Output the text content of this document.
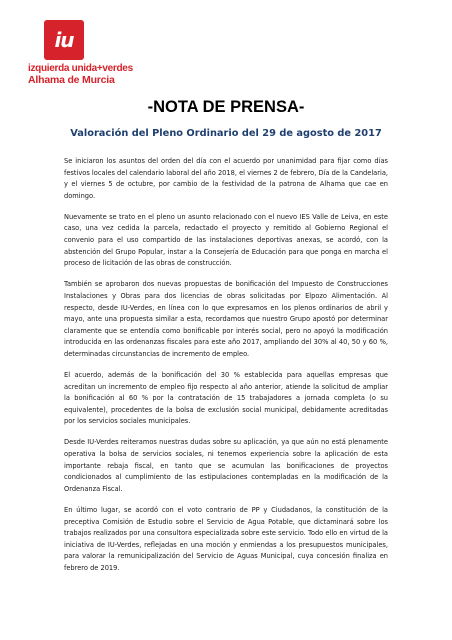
iu
izquierda unida+verdes
Alhama de Murcia
-NOTA DE PRENSA-
Valoración del Pleno Ordinario del 29 de agosto de 2017

Se iniciaron los asuntos del orden del día con el acuerdo por unanimidad para fijar como días festivos locales del calendario laboral del año 2018, el viernes 2 de febrero, Día de la Candelaria, y el viernes 5 de octubre, por cambio de la festividad de la patrona de Alhama que cae en domingo.

Nuevamente se trato en el pleno un asunto relacionado con el nuevo IES Valle de Leiva, en este caso, una vez cedida la parcela, redactado el proyecto y remitido al Gobierno Regional el convenio para el uso compartido de las instalaciones deportivas anexas, se acordó, con la abstención del Grupo Popular, instar a la Consejería de Educación para que ponga en marcha el proceso de licitación de las obras de construcción.

También se aprobaron dos nuevas propuestas de bonificación del Impuesto de Construcciones Instalaciones y Obras para dos licencias de obras solicitadas por Elpozo Alimentación. Al respecto, desde IU-Verdes, en línea con lo que expresamos en los plenos ordinarios de abril y mayo, ante una propuesta similar a esta, recordamos que nuestro Grupo apostó por determinar claramente que se entendía como bonificable por interés social, pero no apoyó la modificación introducida en las ordenanzas fiscales para este año 2017, ampliando del 30% al 40, 50 y 60 %, determinadas circunstancias de incremento de empleo.

El acuerdo, además de la bonificación del 30 % establecida para aquellas empresas que acreditan un incremento de empleo fijo respecto al año anterior, atiende la solicitud de ampliar la bonificación al 60 % por la contratación de 15 trabajadores a jornada completa (o su equivalente), procedentes de la bolsa de exclusión social municipal, debidamente acreditadas por los servicios sociales municipales.

Desde IU-Verdes reiteramos nuestras dudas sobre su aplicación, ya que aún no está plenamente operativa la bolsa de servicios sociales, ni tenemos experiencia sobre la aplicación de esta importante rebaja fiscal, en tanto que se acumulan las bonificaciones de proyectos condicionados al cumplimiento de las estipulaciones contempladas en la modificación de la Ordenanza Fiscal.

En último lugar, se acordó con el voto contrario de PP y Ciudadanos, la constitución de la preceptiva Comisión de Estudio sobre el Servicio de Agua Potable, que dictaminará sobre los trabajos realizados por una consultora especializada sobre este servicio. Todo ello en virtud de la iniciativa de IU-Verdes, reflejadas en una moción y enmiendas a los presupuestos municipales, para valorar la remunicipalización del Servicio de Aguas Municipal, cuya concesión finaliza en febrero de 2019.
